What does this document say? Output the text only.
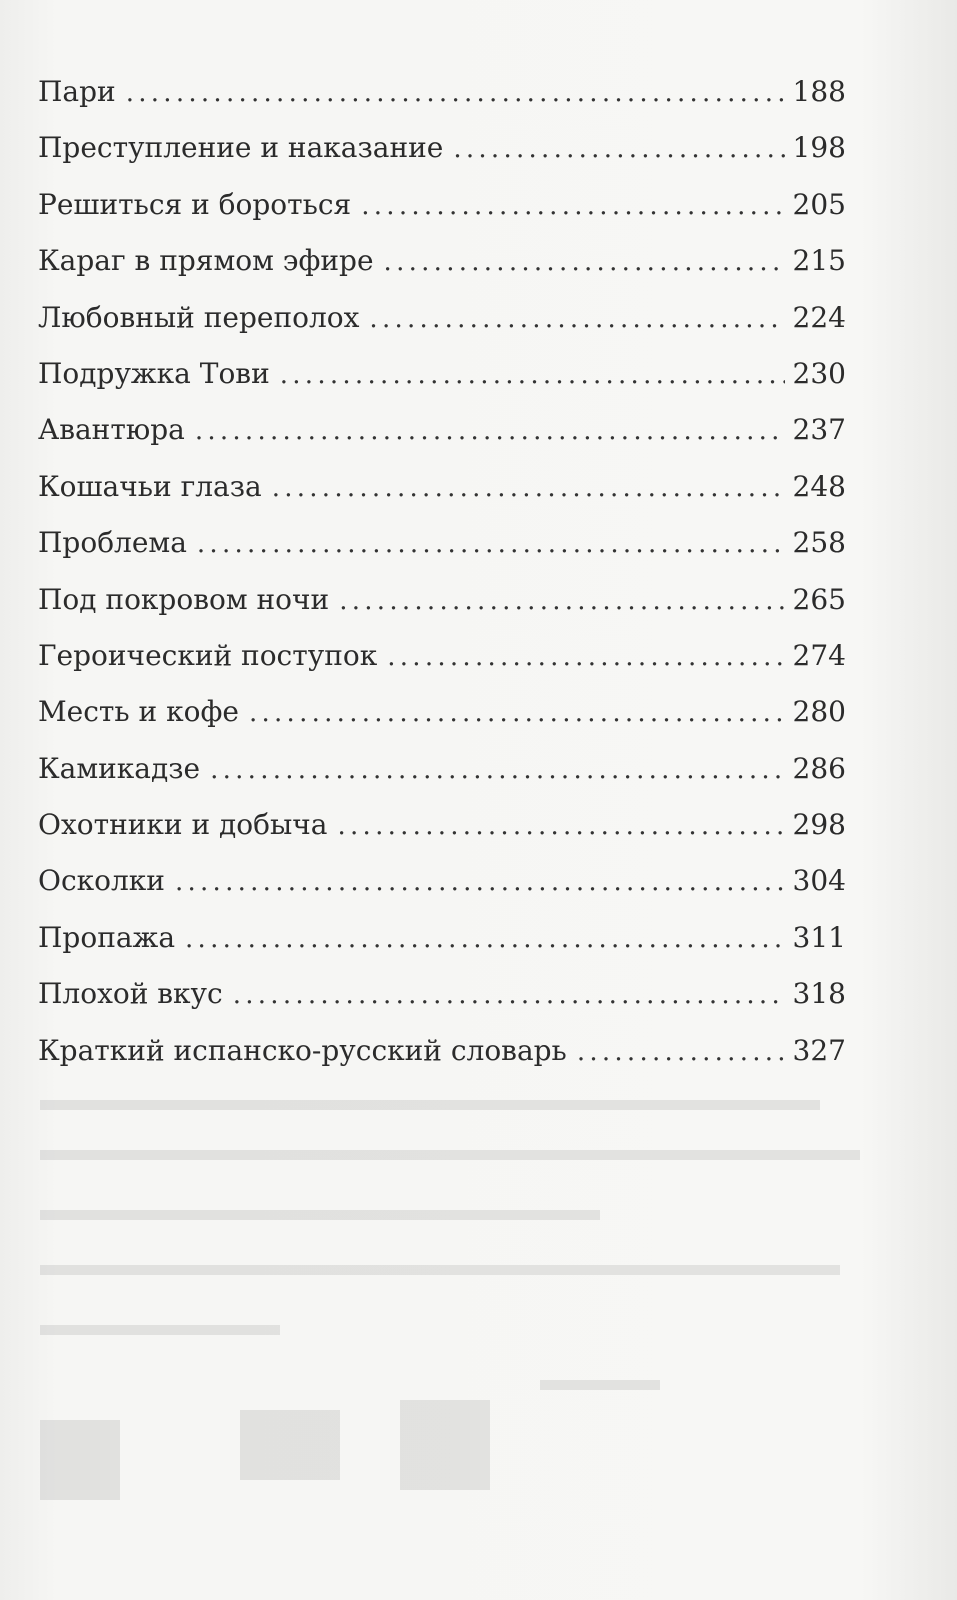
Пари . . .	188
Преступление и наказание . . .	198
Решиться и бороться . . .	205
Караг в прямом эфире . . .	215
Любовный переполох . . .	224
Подружка Тови . . .	230
Авантюра . . .	237
Кошачьи глаза . . .	248
Проблема . . .	258
Под покровом ночи . . .	265
Героический поступок . . .	274
Месть и кофе . . .	280
Камикадзе . . .	286
Охотники и добыча . . .	298
Осколки . . .	304
Пропажа . . .	311
Плохой вкус . . .	318
Краткий испанско-русский словарь . . .	327
